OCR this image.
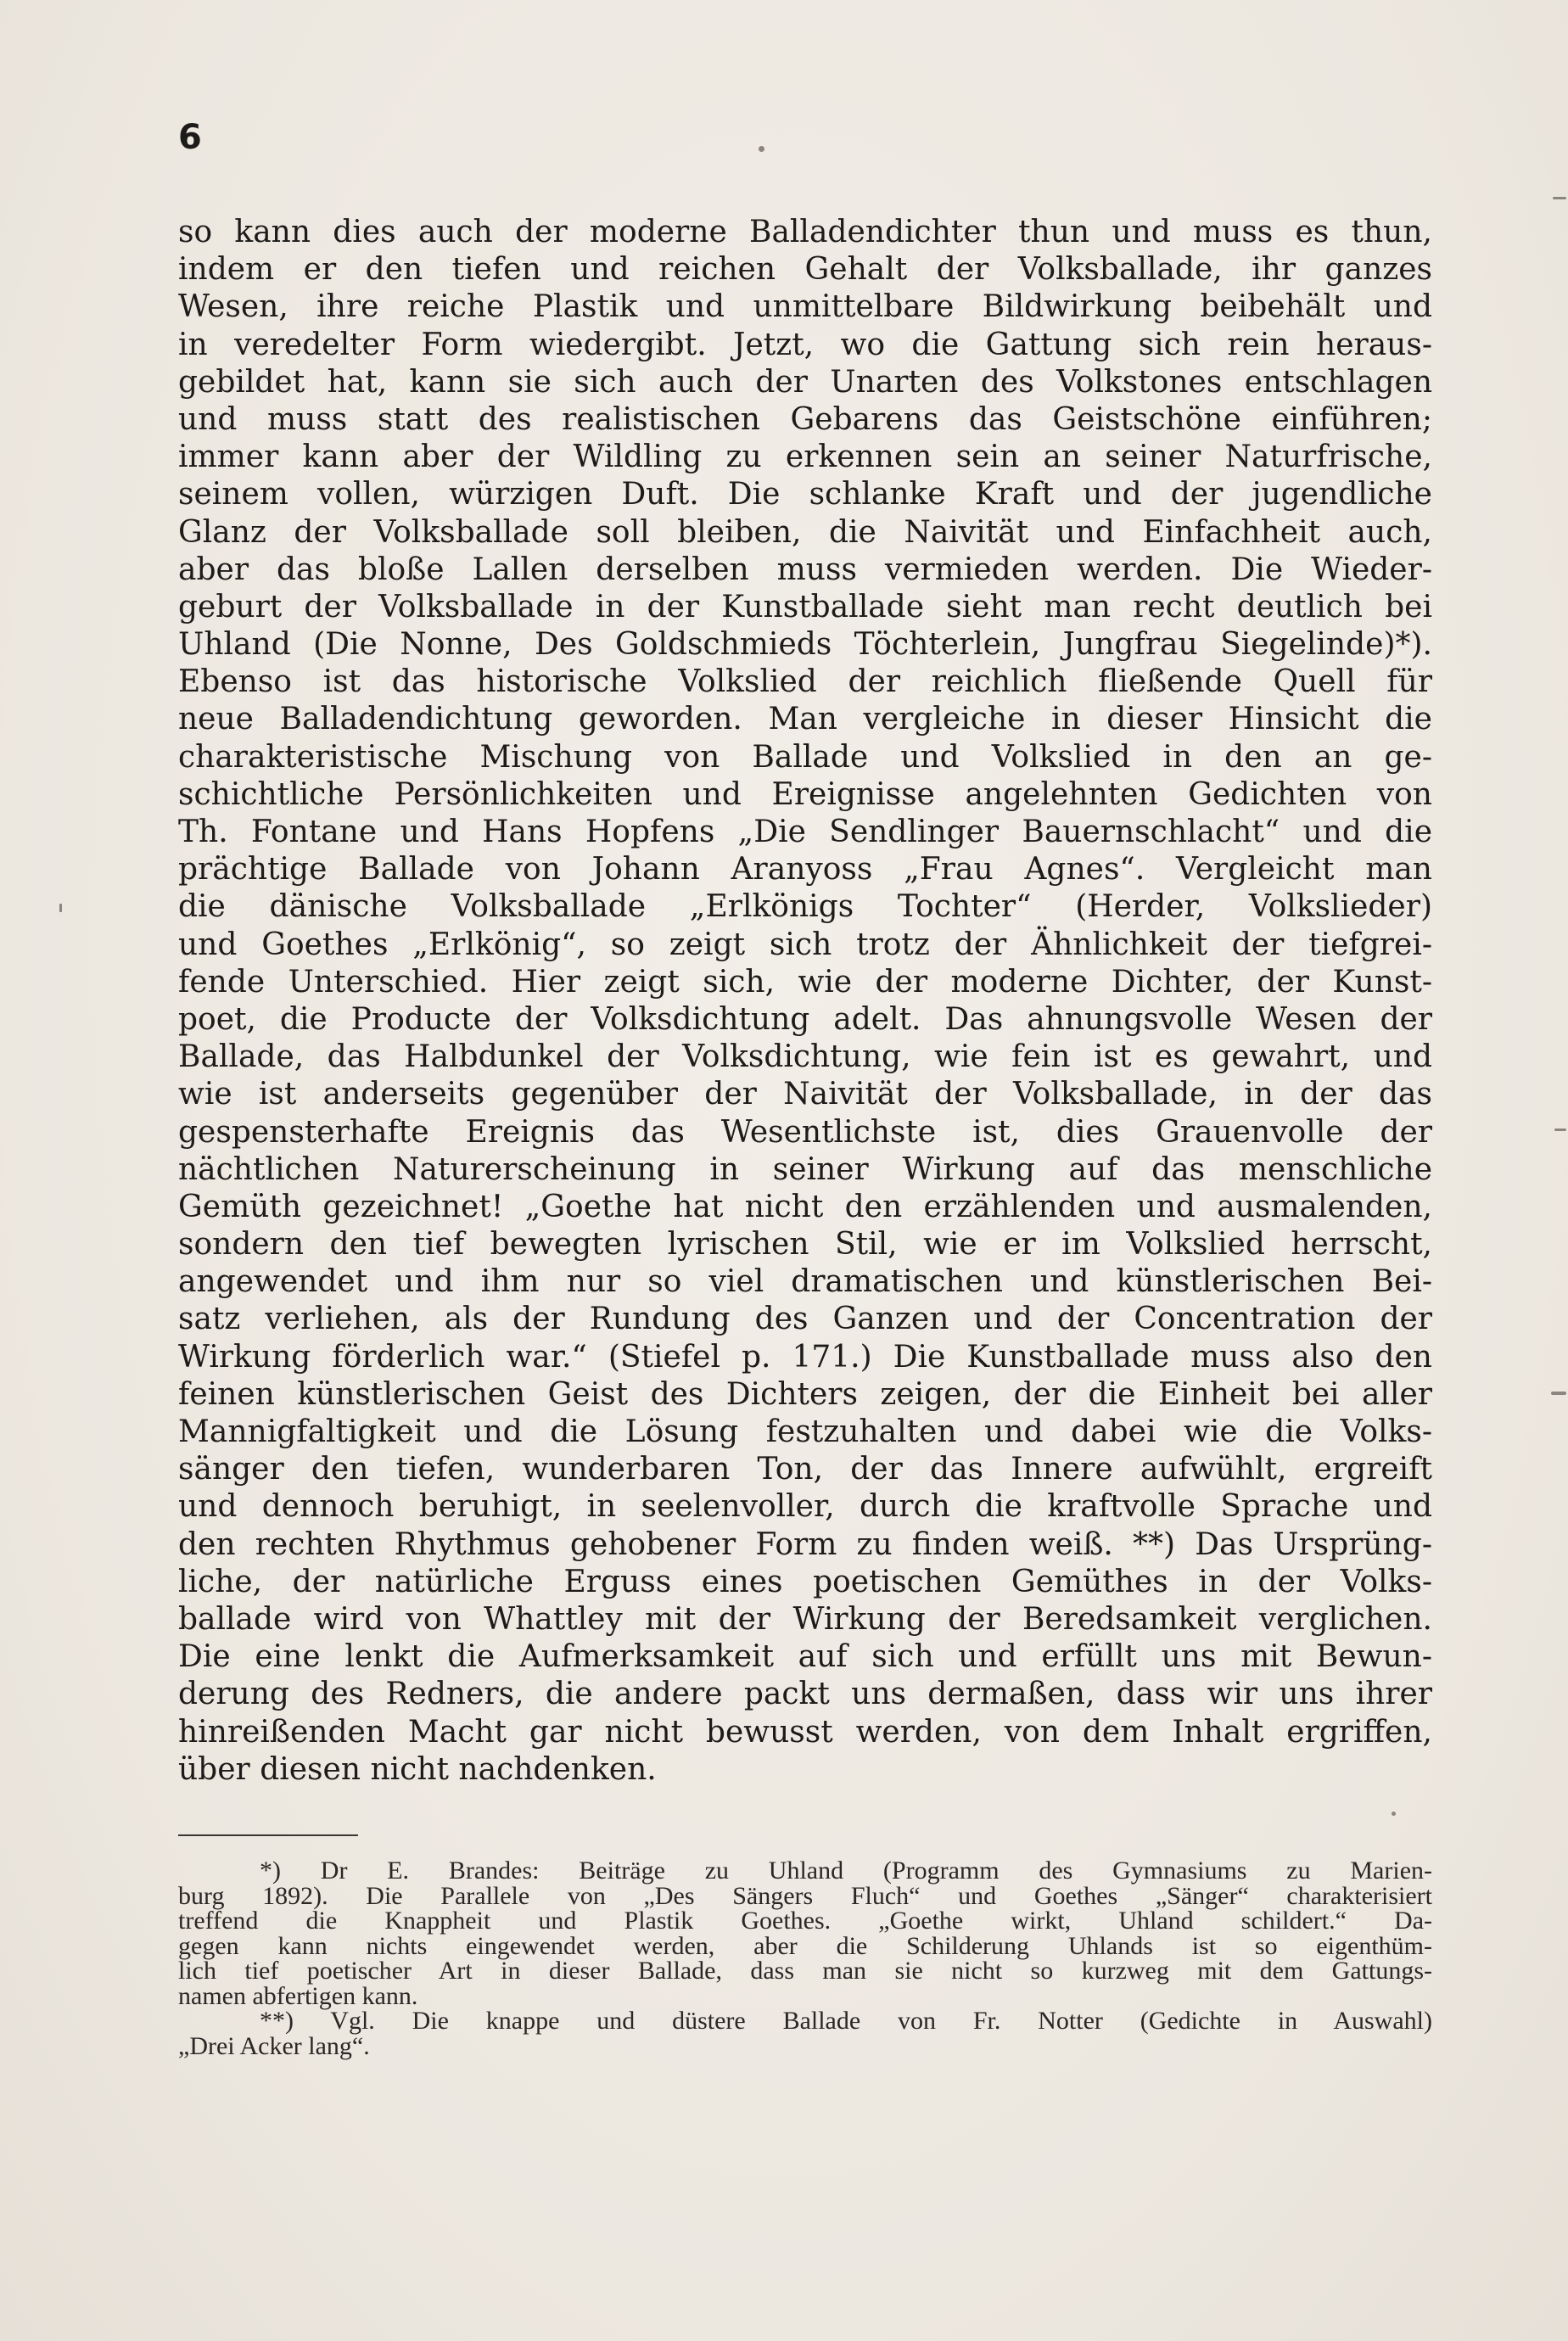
6
so kann dies auch der moderne Balladendichter thun und muss es thun,
indem er den tiefen und reichen Gehalt der Volksballade, ihr ganzes
Wesen, ihre reiche Plastik und unmittelbare Bildwirkung beibehält und
in veredelter Form wiedergibt. Jetzt, wo die Gattung sich rein heraus-
gebildet hat, kann sie sich auch der Unarten des Volkstones entschlagen
und muss statt des realistischen Gebarens das Geistschöne einführen;
immer kann aber der Wildling zu erkennen sein an seiner Naturfrische,
seinem vollen, würzigen Duft. Die schlanke Kraft und der jugendliche
Glanz der Volksballade soll bleiben, die Naivität und Einfachheit auch,
aber das bloße Lallen derselben muss vermieden werden. Die Wieder-
geburt der Volksballade in der Kunstballade sieht man recht deutlich bei
Uhland (Die Nonne, Des Goldschmieds Töchterlein, Jungfrau Siegelinde)*).
Ebenso ist das historische Volkslied der reichlich fließende Quell für
neue Balladendichtung geworden. Man vergleiche in dieser Hinsicht die
charakteristische Mischung von Ballade und Volkslied in den an ge-
schichtliche Persönlichkeiten und Ereignisse angelehnten Gedichten von
Th. Fontane und Hans Hopfens „Die Sendlinger Bauernschlacht“ und die
prächtige Ballade von Johann Aranyoss „Frau Agnes“. Vergleicht man
die dänische Volksballade „Erlkönigs Tochter“ (Herder, Volkslieder)
und Goethes „Erlkönig“, so zeigt sich trotz der Ähnlichkeit der tiefgrei-
fende Unterschied. Hier zeigt sich, wie der moderne Dichter, der Kunst-
poet, die Producte der Volksdichtung adelt. Das ahnungsvolle Wesen der
Ballade, das Halbdunkel der Volksdichtung, wie fein ist es gewahrt, und
wie ist anderseits gegenüber der Naivität der Volksballade, in der das
gespensterhafte Ereignis das Wesentlichste ist, dies Grauenvolle der
nächtlichen Naturerscheinung in seiner Wirkung auf das menschliche
Gemüth gezeichnet! „Goethe hat nicht den erzählenden und ausmalenden,
sondern den tief bewegten lyrischen Stil, wie er im Volkslied herrscht,
angewendet und ihm nur so viel dramatischen und künstlerischen Bei-
satz verliehen, als der Rundung des Ganzen und der Concentration der
Wirkung förderlich war.“ (Stiefel p. 171.) Die Kunstballade muss also den
feinen künstlerischen Geist des Dichters zeigen, der die Einheit bei aller
Mannigfaltigkeit und die Lösung festzuhalten und dabei wie die Volks-
sänger den tiefen, wunderbaren Ton, der das Innere aufwühlt, ergreift
und dennoch beruhigt, in seelenvoller, durch die kraftvolle Sprache und
den rechten Rhythmus gehobener Form zu finden weiß. **) Das Ursprüng-
liche, der natürliche Erguss eines poetischen Gemüthes in der Volks-
ballade wird von Whattley mit der Wirkung der Beredsamkeit verglichen.
Die eine lenkt die Aufmerksamkeit auf sich und erfüllt uns mit Bewun-
derung des Redners, die andere packt uns dermaßen, dass wir uns ihrer
hinreißenden Macht gar nicht bewusst werden, von dem Inhalt ergriffen,
über diesen nicht nachdenken.
*) Dr E. Brandes: Beiträge zu Uhland (Programm des Gymnasiums zu Marien-
burg 1892). Die Parallele von „Des Sängers Fluch“ und Goethes „Sänger“ charakterisiert
treffend die Knappheit und Plastik Goethes. „Goethe wirkt, Uhland schildert.“ Da-
gegen kann nichts eingewendet werden, aber die Schilderung Uhlands ist so eigenthüm-
lich tief poetischer Art in dieser Ballade, dass man sie nicht so kurzweg mit dem Gattungs-
namen abfertigen kann.
**) Vgl. Die knappe und düstere Ballade von Fr. Notter (Gedichte in Auswahl)
„Drei Acker lang“.
